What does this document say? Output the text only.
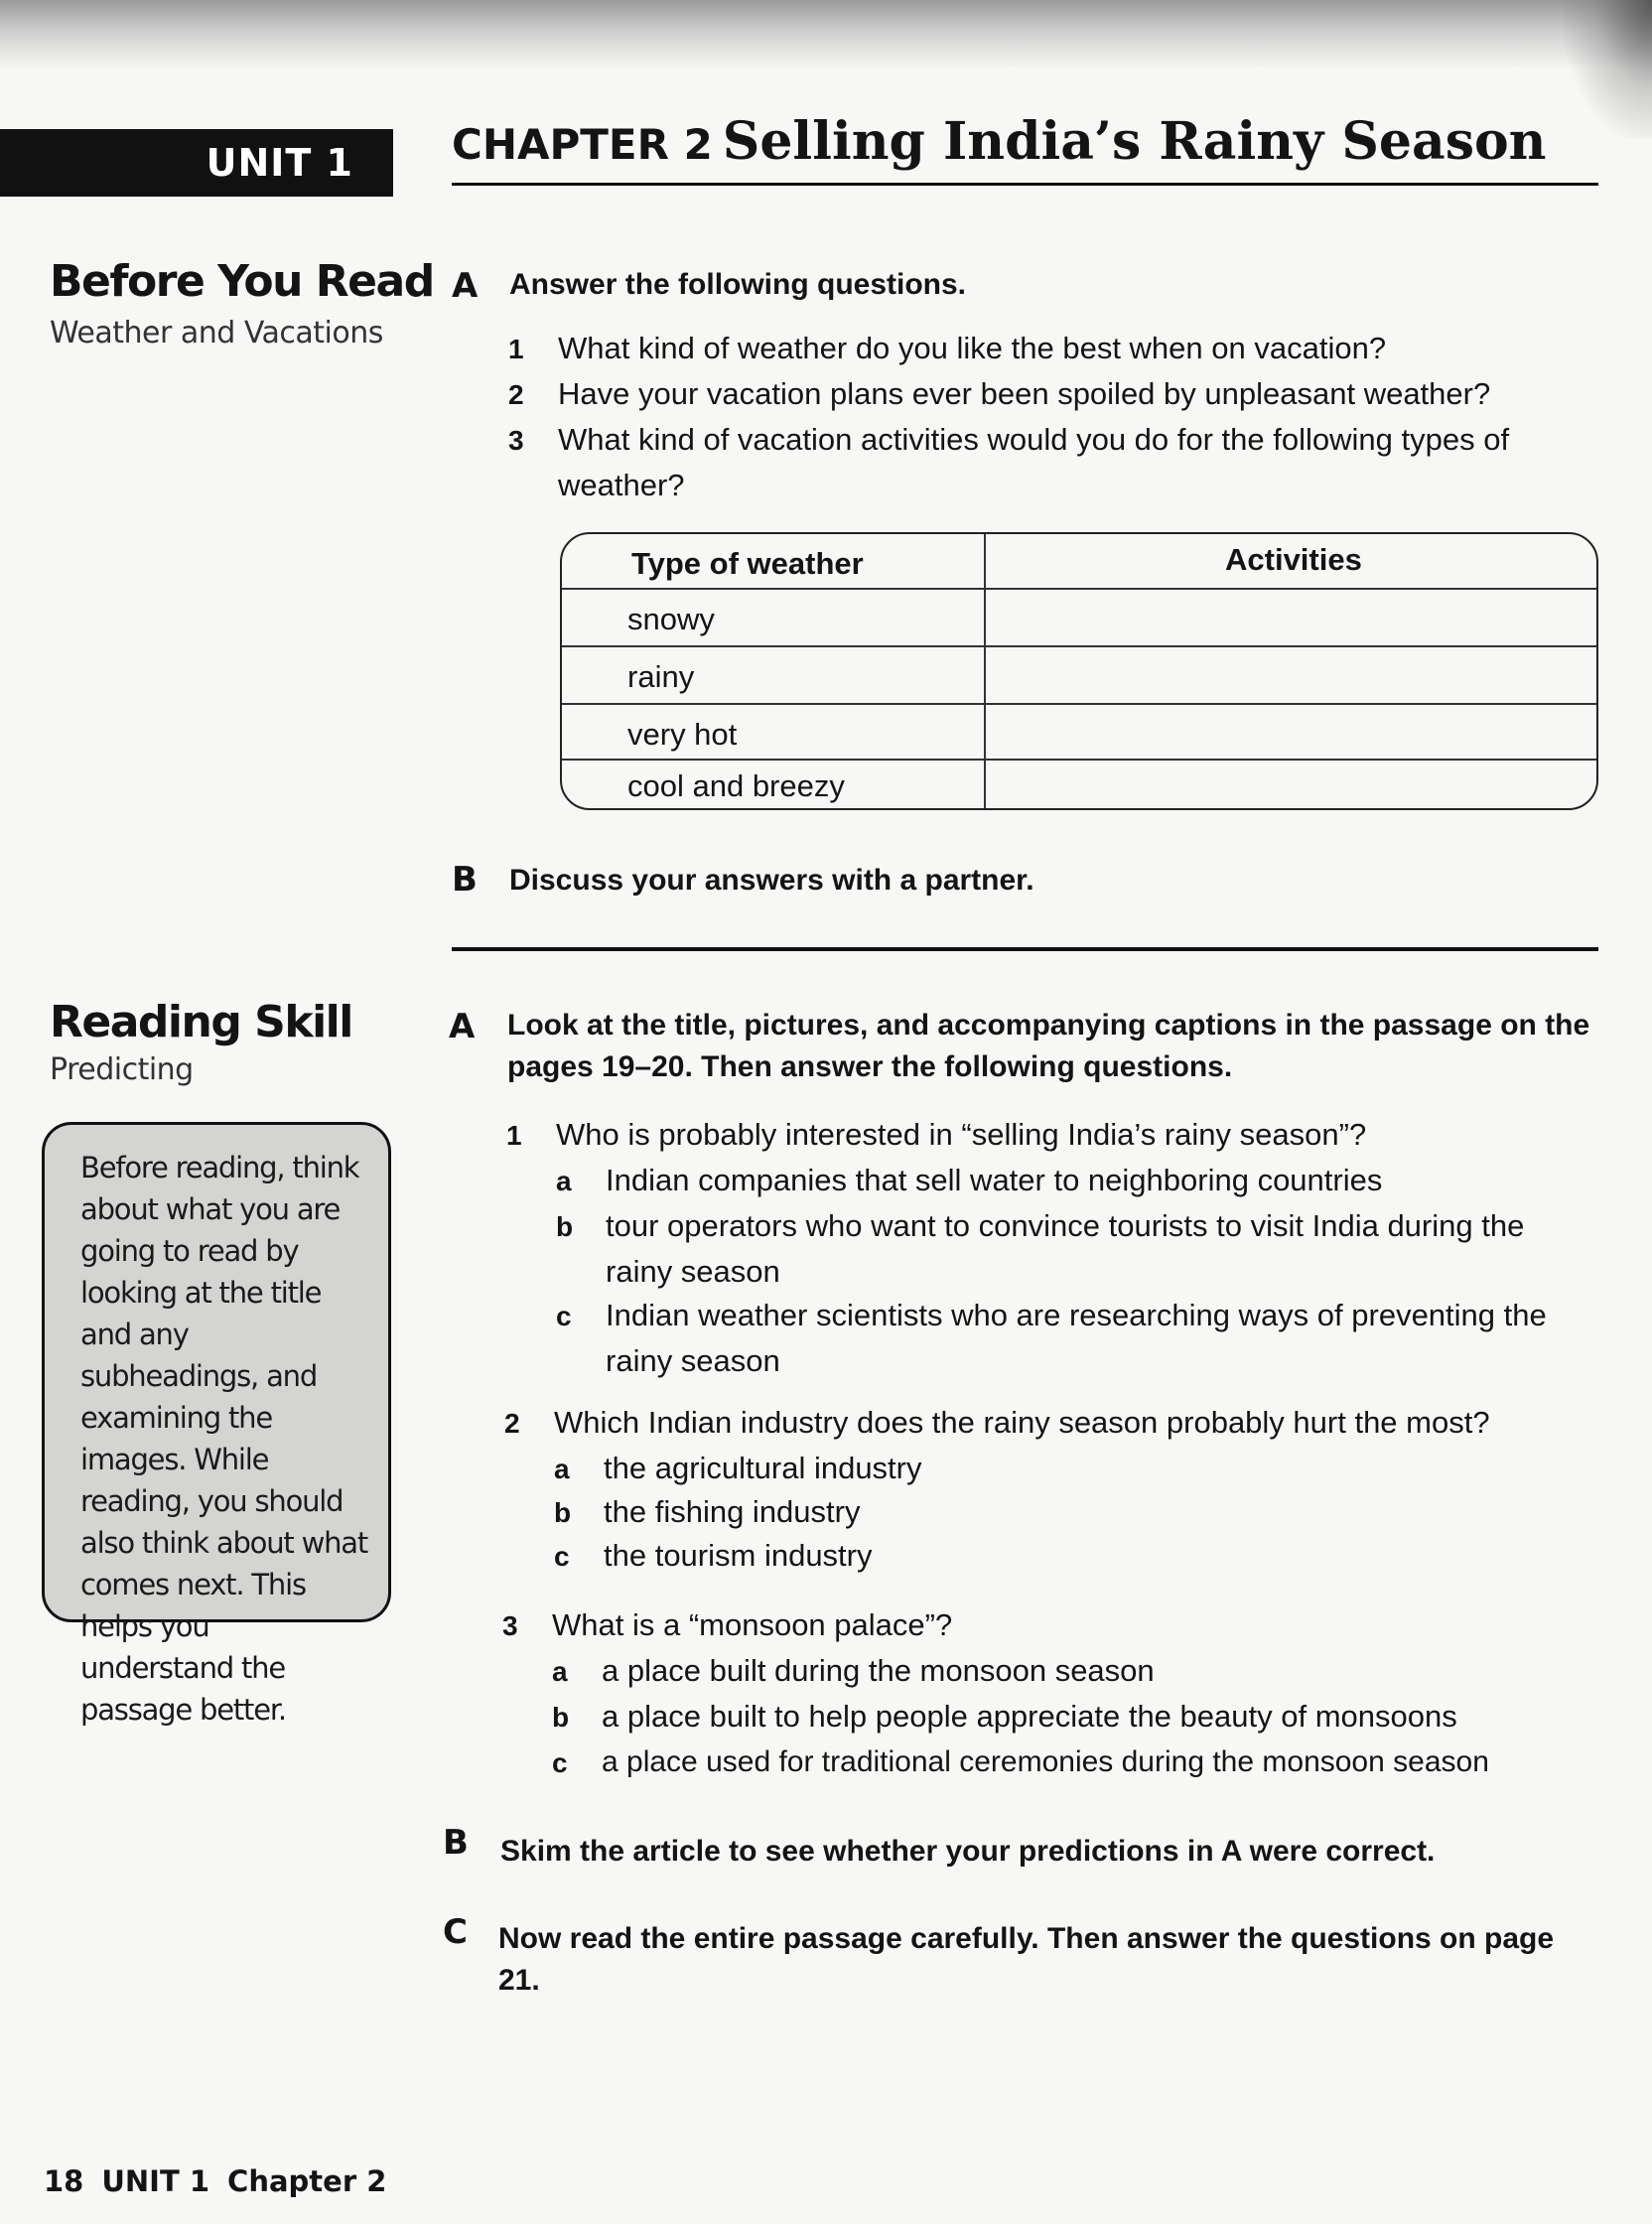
UNIT 1	CHAPTER 2 Selling India’s Rainy Season
Before You Read
Weather and Vacations
A Answer the following questions.
1 What kind of weather do you like the best when on vacation?
2 Have your vacation plans ever been spoiled by unpleasant weather?
3 What kind of vacation activities would you do for the following types of weather?
Type of weather	Activities
snowy
rainy
very hot
cool and breezy
B Discuss your answers with a partner.
Reading Skill
Predicting
Before reading, think about what you are going to read by looking at the title and any subheadings, and examining the images. While reading, you should also think about what comes next. This helps you understand the passage better.
A Look at the title, pictures, and accompanying captions in the passage on the pages 19–20. Then answer the following questions.
1 Who is probably interested in “selling India’s rainy season”?
a Indian companies that sell water to neighboring countries
b tour operators who want to convince tourists to visit India during the rainy season
c Indian weather scientists who are researching ways of preventing the rainy season
2 Which Indian industry does the rainy season probably hurt the most?
a the agricultural industry
b the fishing industry
c the tourism industry
3 What is a “monsoon palace”?
a a place built during the monsoon season
b a place built to help people appreciate the beauty of monsoons
c a place used for traditional ceremonies during the monsoon season
B Skim the article to see whether your predictions in A were correct.
C Now read the entire passage carefully. Then answer the questions on page 21.
18 UNIT 1 Chapter 2
